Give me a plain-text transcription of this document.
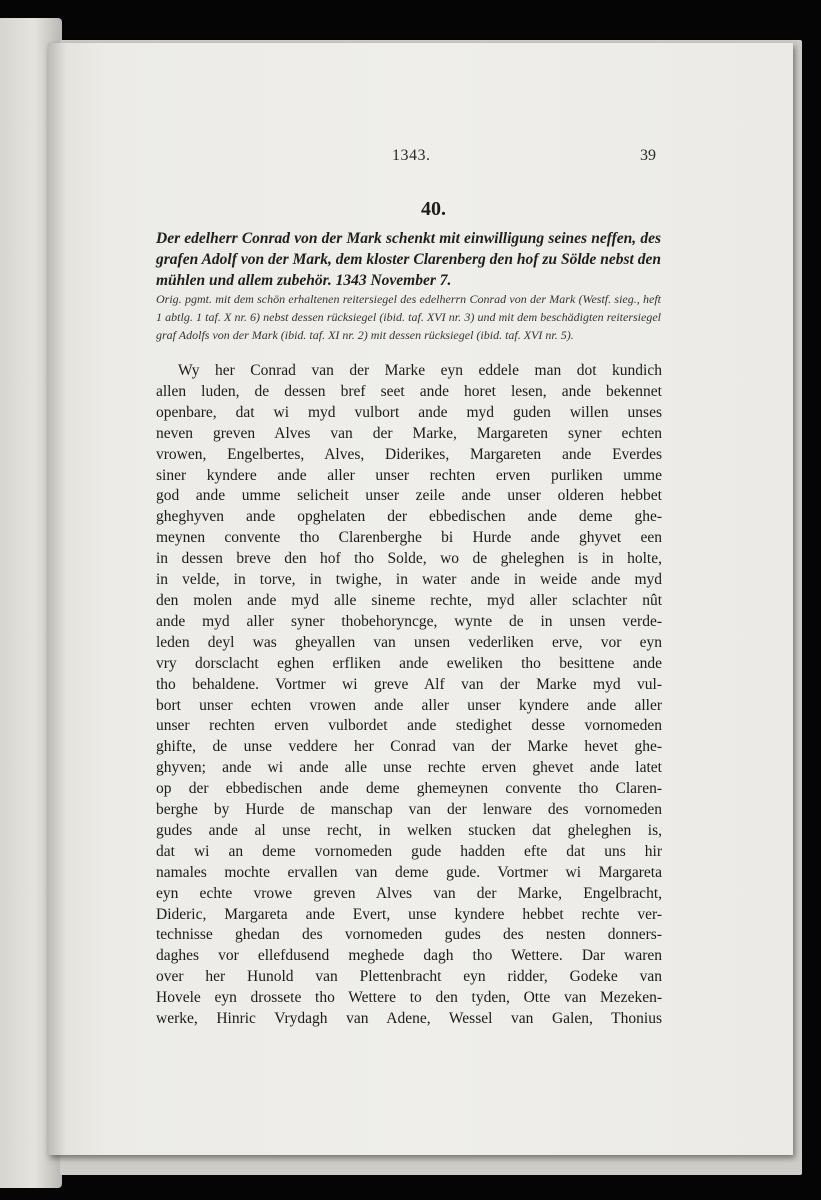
1343.	39
40.
Der edelherr Conrad von der Mark schenkt mit einwilligung seines neffen, des grafen Adolf von der Mark, dem kloster Clarenberg den hof zu Sölde nebst den mühlen und allem zubehör. 1343 November 7.
Orig. pgmt. mit dem schön erhaltenen reitersiegel des edelherrn Conrad von der Mark (Westf. sieg., heft 1 abtlg. 1 taf. X nr. 6) nebst dessen rücksiegel (ibid. taf. XVI nr. 3) und mit dem beschädigten reitersiegel graf Adolfs von der Mark (ibid. taf. XI nr. 2) mit dessen rücksiegel (ibid. taf. XVI nr. 5).
Wy her Conrad van der Marke eyn eddele man dot kundich
allen luden, de dessen bref seet ande horet lesen, ande bekennet
openbare, dat wi myd vulbort ande myd guden willen unses
neven greven Alves van der Marke, Margareten syner echten
vrowen, Engelbertes, Alves, Diderikes, Margareten ande Everdes
siner kyndere ande aller unser rechten erven purliken umme
god ande umme selicheit unser zeile ande unser olderen hebbet
gheghyven ande opghelaten der ebbedischen ande deme ghe-
meynen convente tho Clarenberghe bi Hurde ande ghyvet een
in dessen breve den hof tho Solde, wo de gheleghen is in holte,
in velde, in torve, in twighe, in water ande in weide ande myd
den molen ande myd alle sineme rechte, myd aller sclachter nût
ande myd aller syner thobehoryncge, wynte de in unsen verde-
leden deyl was gheyallen van unsen vederliken erve, vor eyn
vry dorsclacht eghen erfliken ande eweliken tho besittene ande
tho behaldene. Vortmer wi greve Alf van der Marke myd vul-
bort unser echten vrowen ande aller unser kyndere ande aller
unser rechten erven vulbordet ande stedighet desse vornomeden
ghifte, de unse veddere her Conrad van der Marke hevet ghe-
ghyven; ande wi ande alle unse rechte erven ghevet ande latet
op der ebbedischen ande deme ghemeynen convente tho Claren-
berghe by Hurde de manschap van der lenware des vornomeden
gudes ande al unse recht, in welken stucken dat gheleghen is,
dat wi an deme vornomeden gude hadden efte dat uns hir
namales mochte ervallen van deme gude. Vortmer wi Margareta
eyn echte vrowe greven Alves van der Marke, Engelbracht,
Dideric, Margareta ande Evert, unse kyndere hebbet rechte ver-
technisse ghedan des vornomeden gudes des nesten donners-
daghes vor ellefdusend meghede dagh tho Wettere. Dar waren
over her Hunold van Plettenbracht eyn ridder, Godeke van
Hovele eyn drossete tho Wettere to den tyden, Otte van Mezeken-
werke, Hinric Vrydagh van Adene, Wessel van Galen, Thonius
